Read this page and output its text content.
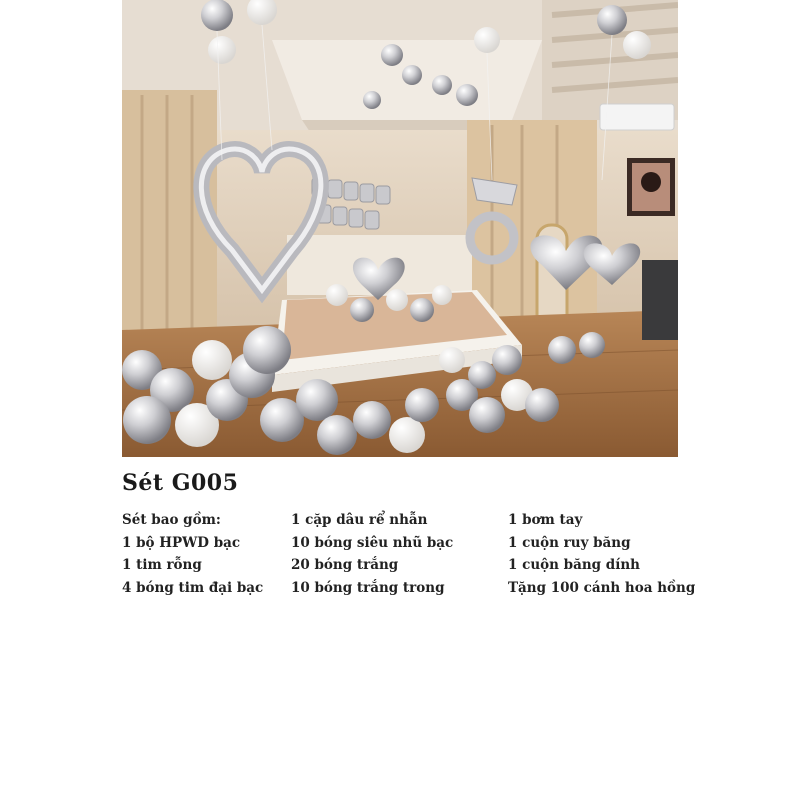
Sét G005
Sét bao gồm:
1 bộ HPWD bạc
1 tim rỗng
4 bóng tim đại bạc
1 cặp dâu rể nhẫn
10 bóng siêu nhũ bạc
20 bóng trắng
10 bóng trắng trong
1 bơm tay
1 cuộn ruy băng
1 cuộn băng dính
Tặng 100 cánh hoa hồng
